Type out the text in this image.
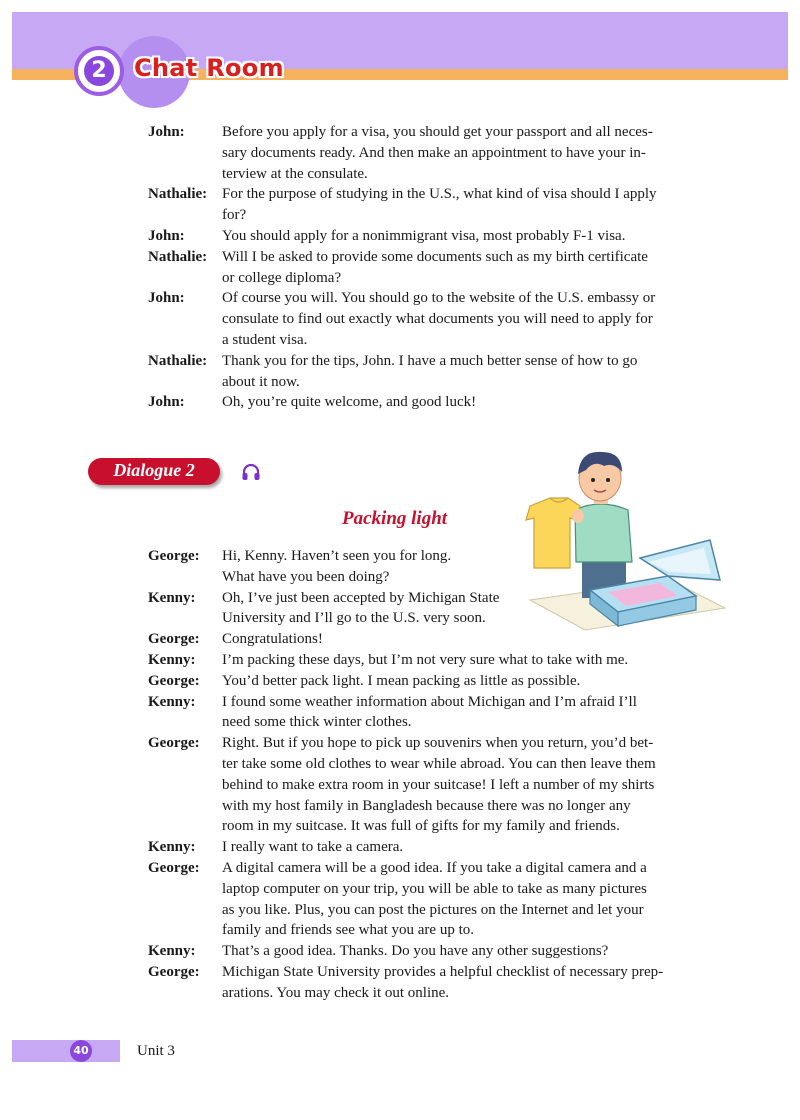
2	Chat Room
John: Before you apply for a visa, you should get your passport and all neces-
sary documents ready. And then make an appointment to have your in-
terview at the consulate.
Nathalie: For the purpose of studying in the U.S., what kind of visa should I apply
for?
John: You should apply for a nonimmigrant visa, most probably F-1 visa.
Nathalie: Will I be asked to provide some documents such as my birth certificate
or college diploma?
John: Of course you will. You should go to the website of the U.S. embassy or
consulate to find out exactly what documents you will need to apply for
a student visa.
Nathalie: Thank you for the tips, John. I have a much better sense of how to go
about it now.
John: Oh, you’re quite welcome, and good luck!
Dialogue 2
Packing light
George: Hi, Kenny. Haven’t seen you for long.
What have you been doing?
Kenny: Oh, I’ve just been accepted by Michigan State
University and I’ll go to the U.S. very soon.
George: Congratulations!
Kenny: I’m packing these days, but I’m not very sure what to take with me.
George: You’d better pack light. I mean packing as little as possible.
Kenny: I found some weather information about Michigan and I’m afraid I’ll
need some thick winter clothes.
George: Right. But if you hope to pick up souvenirs when you return, you’d bet-
ter take some old clothes to wear while abroad. You can then leave them
behind to make extra room in your suitcase! I left a number of my shirts
with my host family in Bangladesh because there was no longer any
room in my suitcase. It was full of gifts for my family and friends.
Kenny: I really want to take a camera.
George: A digital camera will be a good idea. If you take a digital camera and a
laptop computer on your trip, you will be able to take as many pictures
as you like. Plus, you can post the pictures on the Internet and let your
family and friends see what you are up to.
Kenny: That’s a good idea. Thanks. Do you have any other suggestions?
George: Michigan State University provides a helpful checklist of necessary prep-
arations. You may check it out online.
40	Unit 3
